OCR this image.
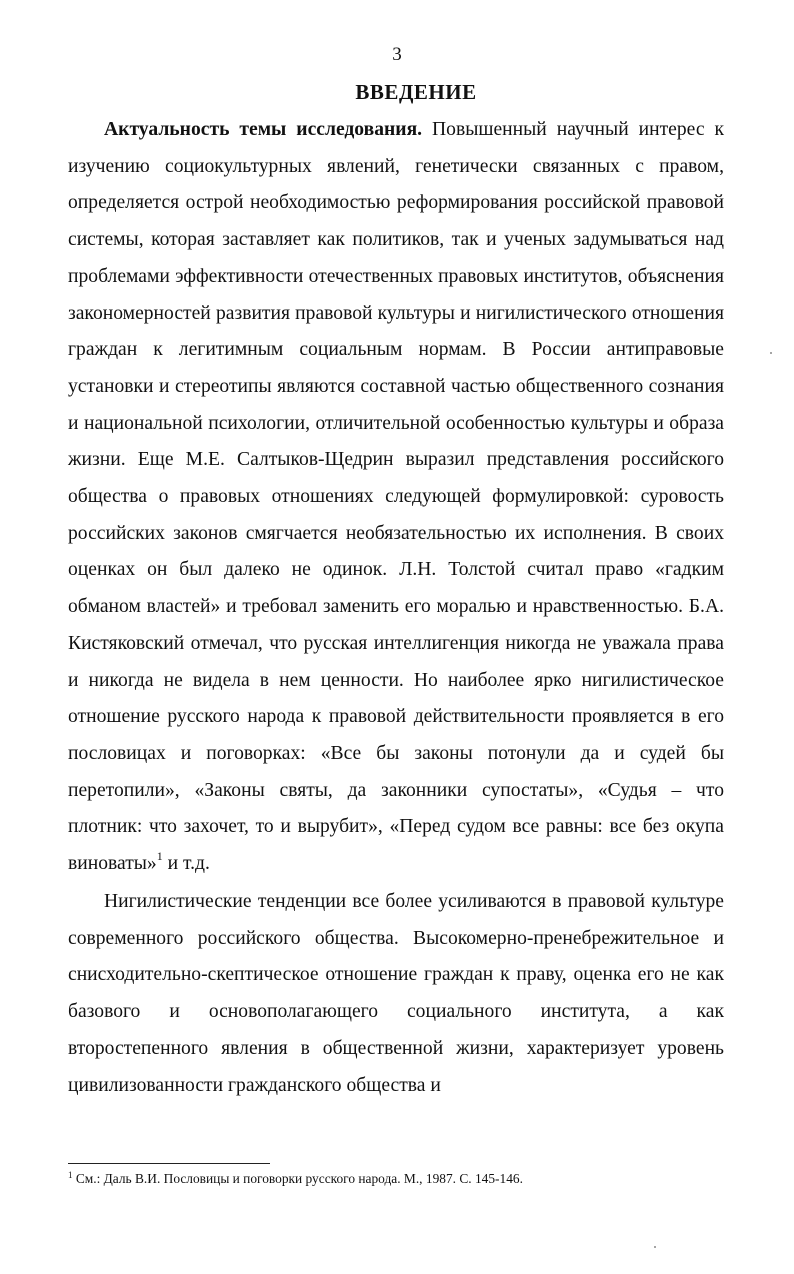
3
ВВЕДЕНИЕ

Актуальность темы исследования. Повышенный научный интерес к изучению социокультурных явлений, генетически связанных с правом, определяется острой необходимостью реформирования российской правовой системы, которая заставляет как политиков, так и ученых задумываться над проблемами эффективности отечественных правовых институтов, объяснения закономерностей развития правовой культуры и нигилистического отношения граждан к легитимным социальным нормам. В России антиправовые установки и стереотипы являются составной частью общественного сознания и национальной психологии, отличительной особенностью культуры и образа жизни. Еще М.Е. Салтыков-Щедрин выразил представления российского общества о правовых отношениях следующей формулировкой: суровость российских законов смягчается необязательностью их исполнения. В своих оценках он был далеко не одинок. Л.Н. Толстой считал право «гадким обманом властей» и требовал заменить его моралью и нравственностью. Б.А. Кистяковский отмечал, что русская интеллигенция никогда не уважала права и никогда не видела в нем ценности. Но наиболее ярко нигилистическое отношение русского народа к правовой действительности проявляется в его пословицах и поговорках: «Все бы законы потонули да и судей бы перетопили», «Законы святы, да законники супостаты», «Судья – что плотник: что захочет, то и вырубит», «Перед судом все равны: все без окупа виноваты»$^1$ и т.д.

Нигилистические тенденции все более усиливаются в правовой культуре современного российского общества. Высокомерно-пренебрежительное и снисходительно-скептическое отношение граждан к праву, оценка его не как базового и основополагающего социального института, а как второстепенного явления в общественной жизни, характеризует уровень цивилизованности гражданского общества и

$^1$ См.: Даль В.И. Пословицы и поговорки русского народа. М., 1987. С. 145-146.
